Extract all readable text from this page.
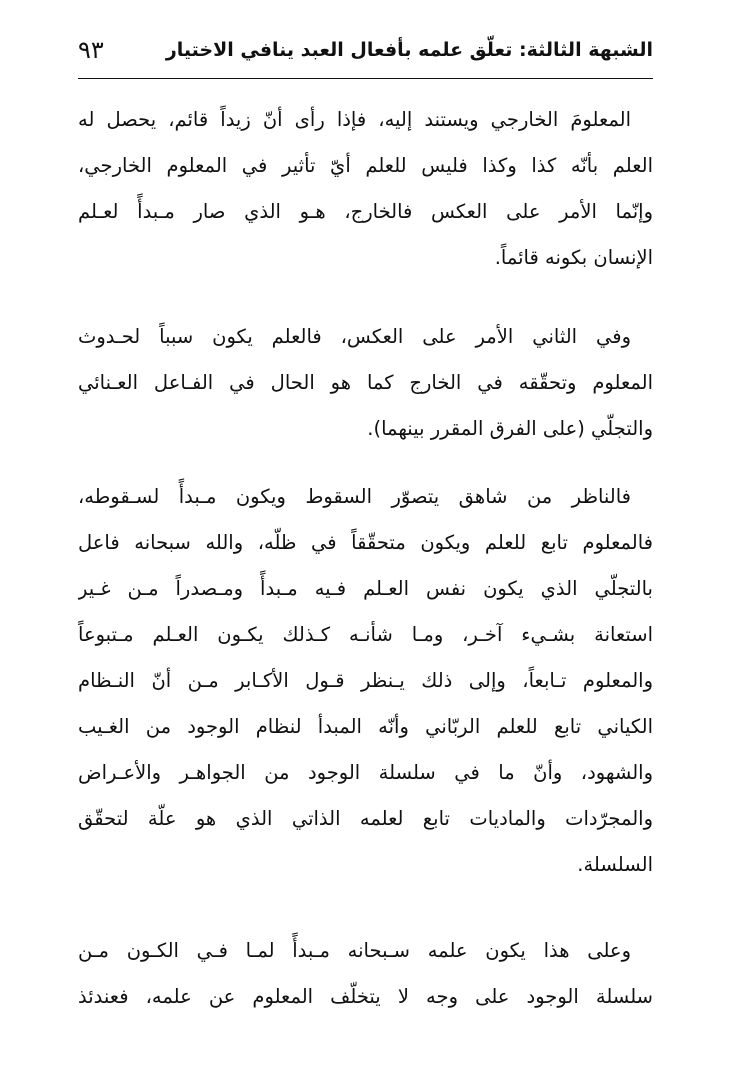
الشبهة الثالثة: تعلّق علمه بأفعال العبد ينافي الاختيار
٩٣
المعلومَ الخارجي ويستند إليه، فإذا رأى أنّ زيداً قائم، يحصل له
العلم بأنّه كذا وكذا فليس للعلم أيّ تأثير في المعلوم الخارجي،
وإنّما الأمر على العكس فالخارج، هـو الذي صار مـبدأً لعـلم
الإنسان بكونه قائماً.
وفي الثاني الأمر على العكس، فالعلم يكون سبباً لحـدوث
المعلوم وتحقّقه في الخارج كما هو الحال في الفـاعل العـنائي
والتجلّي (على الفرق المقرر بينهما).
فالناظر من شاهق يتصوّر السقوط ويكون مـبدأً لسـقوطه،
فالمعلوم تابع للعلم ويكون متحقّقاً في ظلّه، والله سبحانه فاعل
بالتجلّي الذي يكون نفس العـلم فـيه مـبدأً ومـصدراً مـن غـير
استعانة بشـيء آخـر، ومـا شأنـه كـذلك يكـون العـلم مـتبوعاً
والمعلوم تـابعاً، وإلى ذلك يـنظر قـول الأكـابر مـن أنّ النـظام
الكياني تابع للعلم الربّاني وأنّه المبدأ لنظام الوجود من الغـيب
والشهود، وأنّ ما في سلسلة الوجود من الجواهـر والأعـراض
والمجرّدات والماديات تابع لعلمه الذاتي الذي هو علّة لتحقّق
السلسلة.
وعلى هذا يكون علمه سـبحانه مـبدأً لمـا فـي الكـون مـن
سلسلة الوجود على وجه لا يتخلّف المعلوم عن علمه، فعندئذ
